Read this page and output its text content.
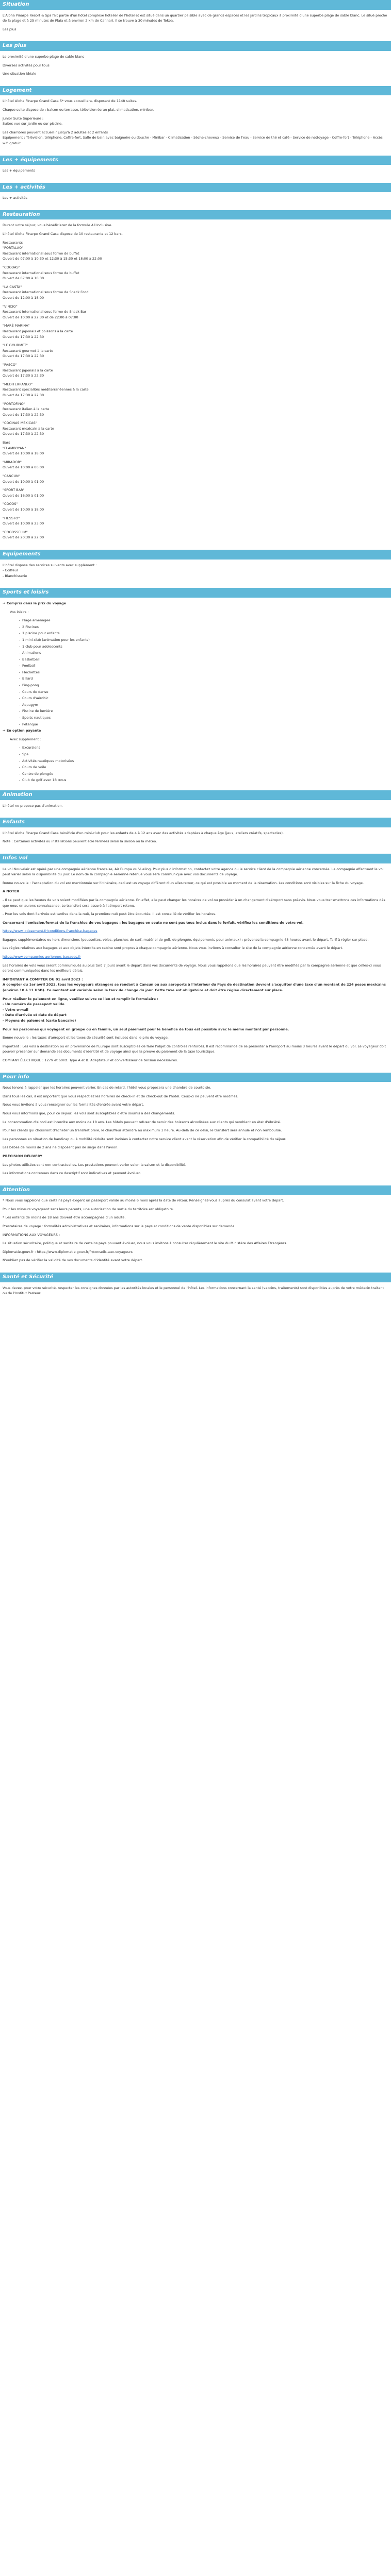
Situation

L'Aloha Pinarpe Resort & Spa fait partie d'un hôtel complexe hôtelier de l'hôtel et est situé dans un quartier paisible avec de grands espaces et les jardins tropicaux à proximité d'une superbe plage de sable blanc. Le situé proche de la plage et à 25 minutes de Plaia et à environ 2 km de Cannari. Il se trouve à 30 minutes de Tokoa.

Les plus

Les plus

Le proximité d'une superbe plage de sable blanc

Diverses activités pour tous

Une situation idéale

Logement

L'hôtel Aloha Pinarpe Grand Casa 5* vous accueillera, disposant de 1148 suites.

Chaque suite dispose de : balcon ou terrasse, télévision écran plat, climatisation, minibar.

Junior Suite Superieure :
Suites vue sur jardin ou sur piscine.

Les chambres peuvent accueillir jusqu'à 2 adultes et 2 enfants
Equipement : Télévision, téléphone, Coffre-fort, Salle de bain avec baignoire ou douche - Minibar - Climatisation - Sèche-cheveux - Service de l'eau - Service de thé et café - Service de nettoyage - Coffre-fort - Téléphone - Accès wifi gratuit

Les + équipements

Les + équipements

Les + activités

Les + activités

Restauration

Durant votre séjour, vous bénéficierez de la formule All Inclusive.

L'hôtel Aloha Pinarpe Grand Casa dispose de 10 restaurants et 12 bars.

Restaurants
"PORTALÃO"

Restaurant international sous forme de buffet
Ouvert de 07:00 à 10:30 et 12:30 à 15:30 et 18:00 à 22:00

"COCOAS"

Restaurant international sous forme de buffet
Ouvert de 07:00 à 10:30

"LA CASTA"

Restaurant international sous forme de Snack Food
Ouvert de 12:00 à 18:00

"VINCIO"

Restaurant international sous forme de Snack Bar
Ouvert de 10:00 à 22:30 et de 22:00 à 07:00

"MARÉ MARINA"

Restaurant japonais et poissons à la carte
Ouvert de 17:30 à 22:30

"LE GOURMET"

Restaurant gourmet à la carte
Ouvert de 17:30 à 22:30

"PASCO"

Restaurant japonais à la carte
Ouvert de 17:30 à 22:30

"MEDITERRANEO"

Restaurant spécialités méditerranéennes à la carte
Ouvert de 17:30 à 22:30

"PORTOFINO"

Restaurant italien à la carte
Ouvert de 17:30 à 22:30

"COCINAS MEXICAS"

Restaurant mexicain à la carte
Ouvert de 17:30 à 22:30

Bars
"FLAMBOYAN"

Ouvert de 10:00 à 18:00

"MIRADOR"

Ouvert de 10:00 à 00:00

"CANCUN"

Ouvert de 10:00 à 01:00

"SPORT BAR"

Ouvert de 16:00 à 01:00

"COCOS"

Ouvert de 10:00 à 18:00

"FIESSTO"

Ouvert de 10:00 à 23:00

"COCOSSELIM"

Ouvert de 20:30 à 22:00

Équipements

L'hôtel dispose des services suivants avec supplément :
- Coiffeur
- Blanchisserie

Sports et loisirs

→ Compris dans le prix du voyage

Vos loisirs :

- Plage aménagée
- 2 Piscines
- 1 piscine pour enfants
- 1 mini-club (animation pour les enfants)
- 1 club pour adolescents
- Animations
- Basketball
- Football
- Fléchettes
- Billard
- Ping-pong
- Cours de danse
- Cours d'aérobic
- Aquagym
- Piscine de lumière
- Sports nautiques
- Pétanque

→ En option payante

Avec supplément :

- Excursions
- Spa
- Activités nautiques motorisées
- Cours de voile
- Centre de plongée
- Club de golf avec 18 trous
Animation

L'hôtel ne propose pas d'animation.

Enfants

L'hôtel Aloha Pinarpe Grand Casa bénéficie d'un mini-club pour les enfants de 4 à 12 ans avec des activités adaptées à chaque âge (jeux, ateliers créatifs, spectacles).

Note : Certaines activités ou installations peuvent être fermées selon la saison ou la météo.

Infos vol

Le vol Nouvelair est opéré par une compagnie aérienne française, Air Europa ou Vueling. Pour plus d'information, contactez votre agence ou le service client de la compagnie aérienne concernée. La compagnie effectuant le vol peut varier selon la disponibilité du jour. Le nom de la compagnie aérienne retenue vous sera communiqué avec vos documents de voyage.

Bonne nouvelle : l'acceptation du vol est mentionnée sur l'itinéraire, ceci est un voyage différent d'un aller-retour, ce qui est possible au moment de la réservation. Les conditions sont visibles sur la fiche du voyage.

A NOTER

- Il se peut que les heures de vols soient modifiées par la compagnie aérienne. En effet, elle peut changer les horaires de vol ou procéder à un changement d'aéroport sans préavis. Nous vous transmettrons ces informations dès que nous en aurons connaissance. Le transfert sera assuré à l'aéroport retenu.

- Pour les vols dont l'arrivée est tardive dans la nuit, la première nuit peut être écourtée. Il est conseillé de vérifier les horaires.

Concernant l'emission/format de la franchise de vos bagages : les bagages en soute ne sont pas tous inclus dans le forfait, vérifiez les conditions de votre vol.

https://www.lotissement.fr/conditions-franchise-bagages

Bagages supplémentaires ou hors dimensions (poussettes, vélos, planches de surf, matériel de golf, de plongée, équipements pour animaux) : prévenez la compagnie 48 heures avant le départ. Tarif à régler sur place.

Les règles relatives aux bagages et aux objets interdits en cabine sont propres à chaque compagnie aérienne. Nous vous invitons à consulter le site de la compagnie aérienne concernée avant le départ.

https://www.compagnies-aeriennes-bagages.fr

Les horaires de vols vous seront communiqués au plus tard 7 jours avant le départ dans vos documents de voyage. Nous vous rappelons que les horaires peuvent être modifiés par la compagnie aérienne et que celles-ci vous seront communiquées dans les meilleurs délais.

IMPORTANT A COMPTER DU 01 avril 2023 :
A compter du 1er avril 2023, tous les voyageurs étrangers se rendant à Cancun ou aux aéroports à l'intérieur du Pays de destination devront s'acquitter d'une taxe d'un montant de 224 pesos mexicains (environ 10 à 11 USD). Ce montant est variable selon le taux de change du jour. Cette taxe est obligatoire et doit être réglée directement sur place.

Pour réaliser le paiement en ligne, veuillez suivre ce lien et remplir le formulaire :
- Un numéro de passeport valide
- Votre e-mail
- Date d'arrivée et date de départ
- Moyens de paiement (carte bancaire)

Pour les personnes qui voyagent en groupe ou en famille, un seul paiement pour le bénéfice de tous est possible avec le même montant par personne.

Bonne nouvelle : les taxes d'aéroport et les taxes de sécurité sont incluses dans le prix du voyage.

Important : Les vols à destination ou en provenance de l'Europe sont susceptibles de faire l'objet de contrôles renforcés. Il est recommandé de se présenter à l'aéroport au moins 3 heures avant le départ du vol. Le voyageur doit pouvoir présenter sur demande ses documents d'identité et de voyage ainsi que la preuve du paiement de la taxe touristique.

COMPANY ÉLECTRIQUE : 127V et 60Hz. Type A et B. Adaptateur et convertisseur de tension nécessaires.

Pour info

Nous tenons à rappeler que les horaires peuvent varier. En cas de retard, l'hôtel vous proposera une chambre de courtoisie.

Dans tous les cas, il est important que vous respectiez les horaires de check-in et de check-out de l'hôtel. Ceux-ci ne peuvent être modifiés.

Nous vous invitons à vous renseigner sur les formalités d'entrée avant votre départ.

Nous vous informons que, pour ce séjour, les vols sont susceptibles d'être soumis à des changements.

La consommation d'alcool est interdite aux moins de 18 ans. Les hôtels peuvent refuser de servir des boissons alcoolisées aux clients qui semblent en état d'ébriété.

Pour les clients qui choisiront d'acheter un transfert privé, le chauffeur attendra au maximum 1 heure. Au-delà de ce délai, le transfert sera annulé et non remboursé.

Les personnes en situation de handicap ou à mobilité réduite sont invitées à contacter notre service client avant la réservation afin de vérifier la compatibilité du séjour.

Les bébés de moins de 2 ans ne disposent pas de siège dans l'avion.

PRÉCISION DÉLIVERY

Les photos utilisées sont non contractuelles. Les prestations peuvent varier selon la saison et la disponibilité.

Les informations contenues dans ce descriptif sont indicatives et peuvent évoluer.

Attention

* Nous vous rappelons que certains pays exigent un passeport valide au moins 6 mois après la date de retour. Renseignez-vous auprès du consulat avant votre départ.

Pour les mineurs voyageant sans leurs parents, une autorisation de sortie du territoire est obligatoire.

* Les enfants de moins de 18 ans doivent être accompagnés d'un adulte.

Prestataires de voyage : formalités administratives et sanitaires, informations sur le pays et conditions de vente disponibles sur demande.

INFORMATIONS AUX VOYAGEURS :

La situation sécuritaire, politique et sanitaire de certains pays pouvant évoluer, nous vous invitons à consulter régulièrement le site du Ministère des Affaires Étrangères.

Diplomatie.gouv.fr : https://www.diplomatie.gouv.fr/fr/conseils-aux-voyageurs

N'oubliez pas de vérifier la validité de vos documents d'identité avant votre départ.

Santé et Sécurité

Vous devez, pour votre sécurité, respecter les consignes données par les autorités locales et le personnel de l'hôtel. Les informations concernant la santé (vaccins, traitements) sont disponibles auprès de votre médecin traitant ou de l'Institut Pasteur.
